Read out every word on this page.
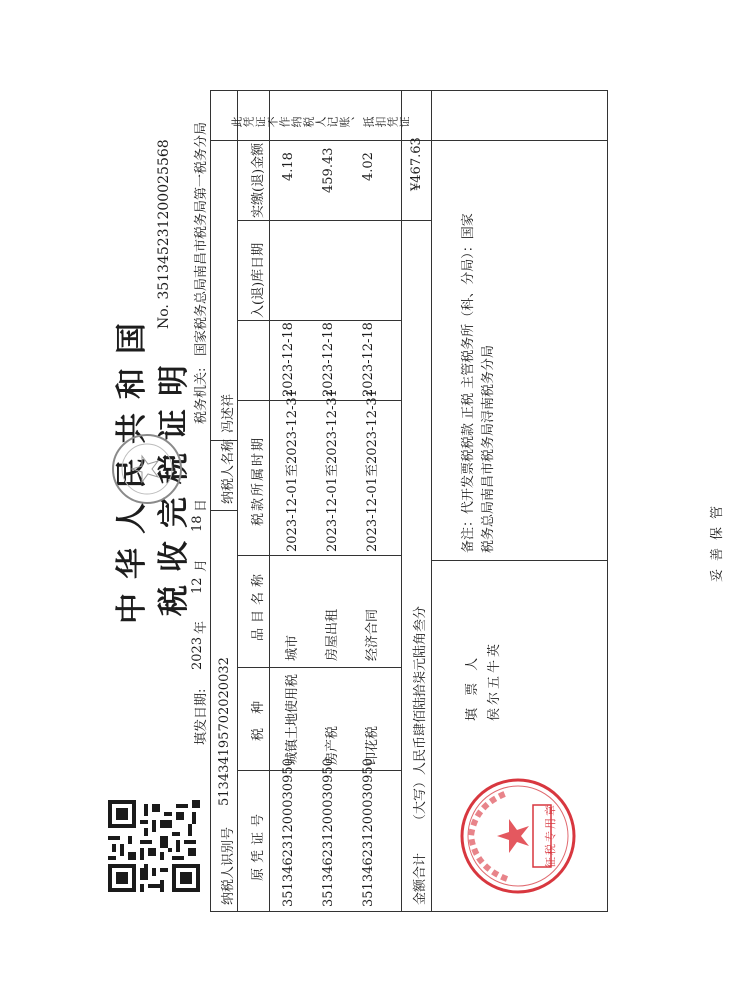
中华人民共和国 税收完税证明
No. 351345231200025568
填发日期:
2023
年
12
月
18
日
税务机关:
国家税务总局南昌市税务局第一税务分局
纳税人识别号
513434195702020032
纳税人名称
冯述祥
原凭证号
税 种
品目名称
税款所属时期
入(退)库日期
实缴(退)金额
351346231200030950
城镇土地使用税
城市
2023-12-01至2023-12-31
2023-12-18
4.18
351346231200030950
房产税
房屋出租
2023-12-01至2023-12-31
2023-12-18
459.43
351346231200030950
印花税
经济合同
2023-12-01至2023-12-31
2023-12-18
4.02
金额合计
（大写）人民币肆佰陆拾柒元陆角叁分
¥467.63
填 票 人 侯尔五牛英
备注：代开发票税税款 正税 主管税务所（科、分局）：国家 税务总局南昌市税务局浔南税务分局
此凭证不作纳税人记账、抵扣凭证
征税专用章
妥善保管
